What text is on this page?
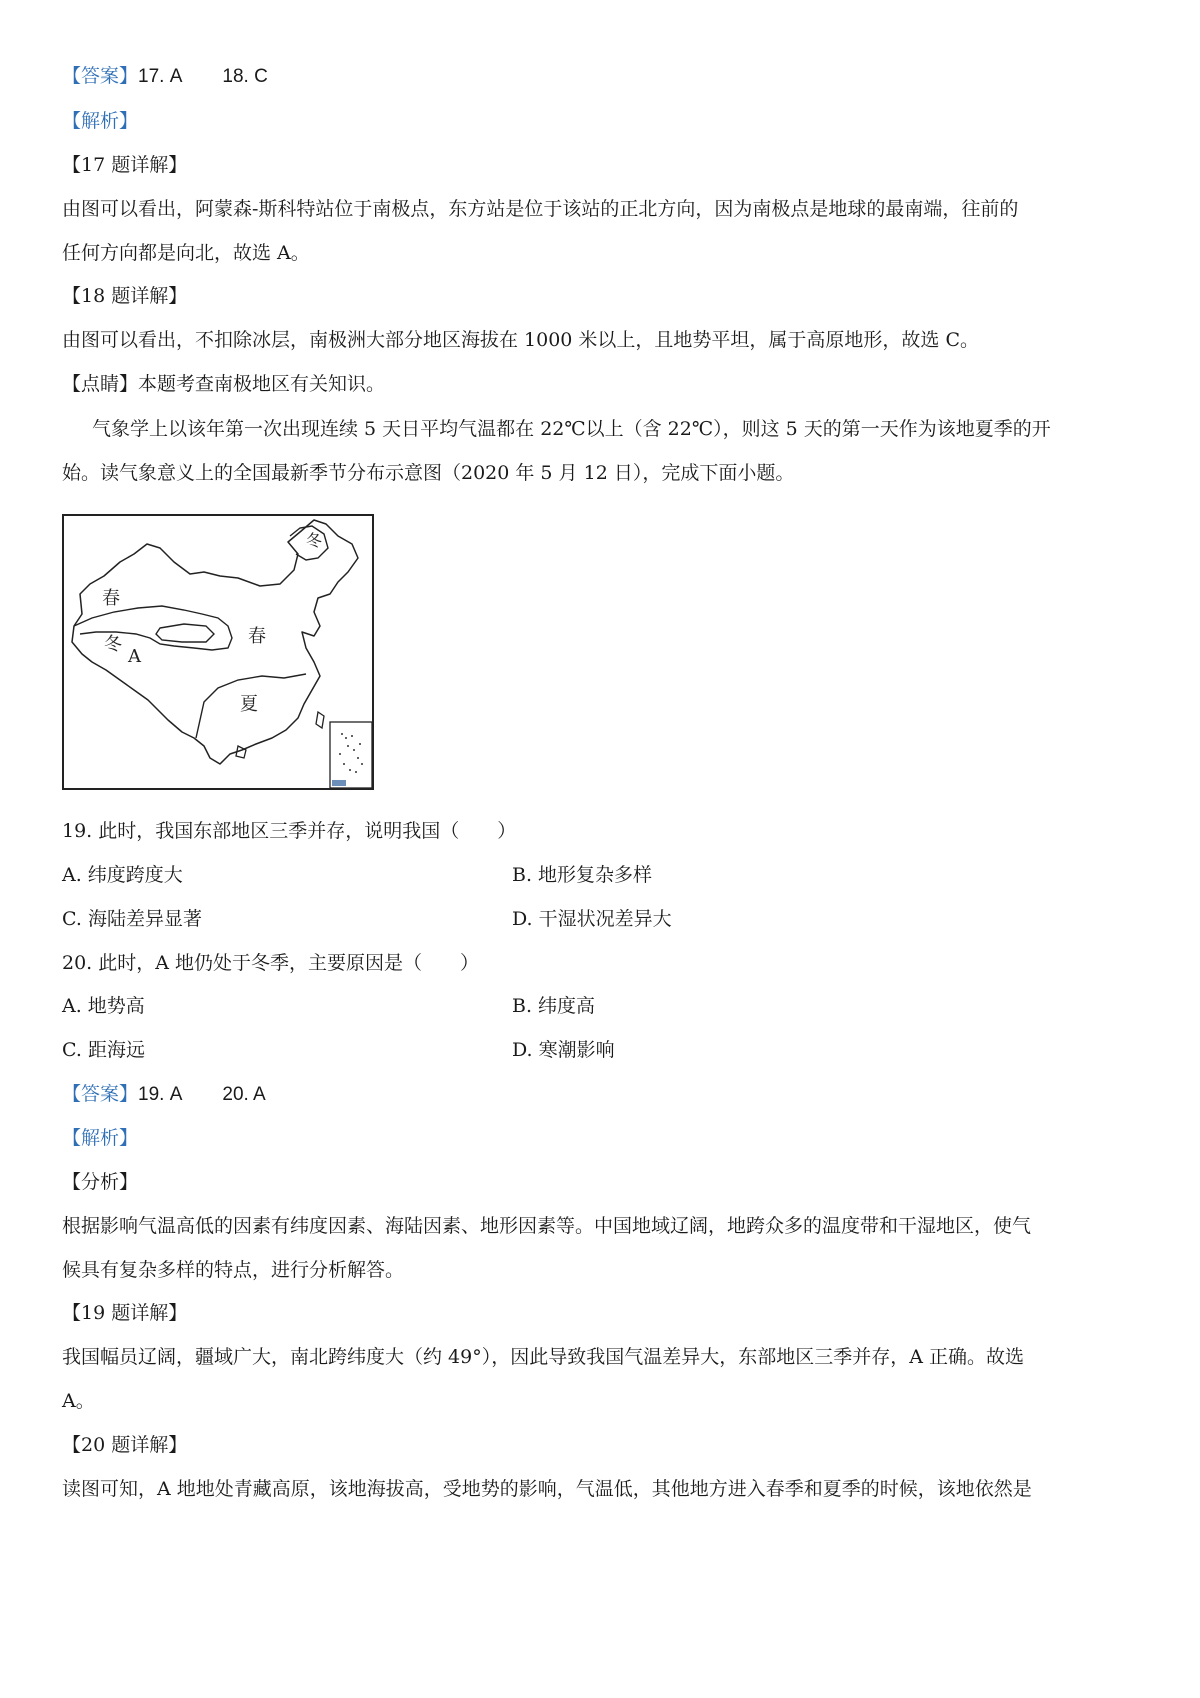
【答案】17. A 18. C
【解析】
【17 题详解】
由图可以看出，阿蒙森-斯科特站位于南极点，东方站是位于该站的正北方向，因为南极点是地球的最南端，往前的
任何方向都是向北，故选 A。
【18 题详解】
由图可以看出，不扣除冰层，南极洲大部分地区海拔在 1000 米以上，且地势平坦，属于高原地形，故选 C。
【点睛】本题考查南极地区有关知识。
气象学上以该年第一次出现连续 5 天日平均气温都在 22℃以上（含 22℃），则这 5 天的第一天作为该地夏季的开
始。读气象意义上的全国最新季节分布示意图（2020 年 5 月 12 日），完成下面小题。
春
冬
A
春
夏
冬
19. 此时，我国东部地区三季并存，说明我国（　　）
A. 纬度跨度大	B. 地形复杂多样
C. 海陆差异显著	D. 干湿状况差异大
20. 此时，A 地仍处于冬季，主要原因是（　　）
A. 地势高	B. 纬度高
C. 距海远	D. 寒潮影响
【答案】19. A 20. A
【解析】
【分析】
根据影响气温高低的因素有纬度因素、海陆因素、地形因素等。中国地域辽阔，地跨众多的温度带和干湿地区，使气
候具有复杂多样的特点，进行分析解答。
【19 题详解】
我国幅员辽阔，疆域广大，南北跨纬度大（约 49°），因此导致我国气温差异大，东部地区三季并存，A 正确。故选
A。
【20 题详解】
读图可知，A 地地处青藏高原，该地海拔高，受地势的影响，气温低，其他地方进入春季和夏季的时候，该地依然是
